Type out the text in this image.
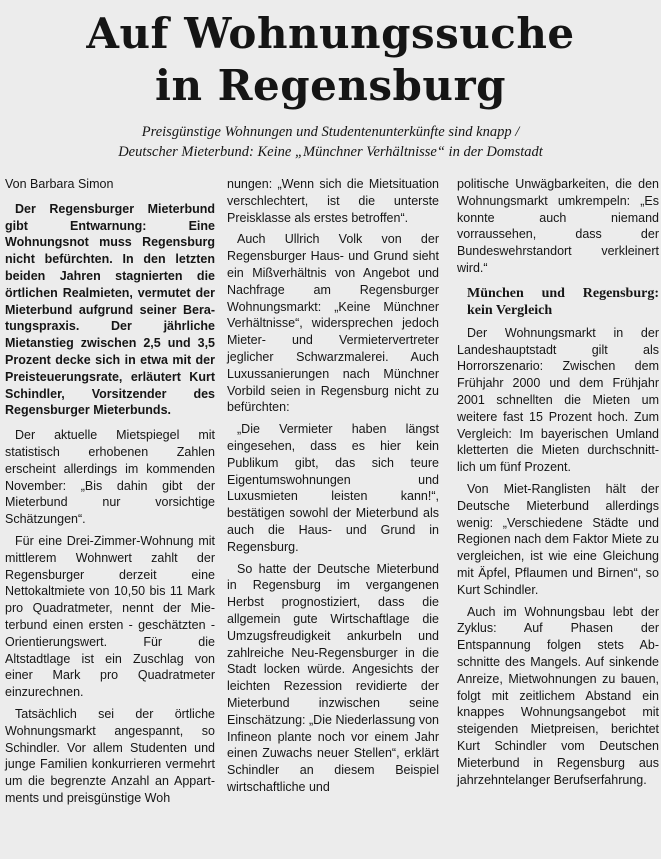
Auf Wohnungssuche
in Regensburg
Preisgünstige Wohnungen und Studentenunterkünfte sind knapp /
Deutscher Mieterbund: Keine „Münchner Verhältnisse“ in der Domstadt

Von Barbara Simon

Der Regensburger Mieterbund gibt Entwarnung: Eine Wohnungsnot muss Regensburg nicht befürchten. In den letzten beiden Jahren stagnierten die örtlichen Realmieten, vermutet der Mieterbund aufgrund seiner Beratungspraxis. Der jährliche Mietanstieg zwischen 2,5 und 3,5 Prozent decke sich in etwa mit der Preisteuerungsrate, erläutert Kurt Schindler, Vorsitzender des Regensburger Mieterbunds.

Der aktuelle Mietspiegel mit statistisch erhobenen Zahlen erscheint allerdings im kommenden November: „Bis dahin gibt der Mieterbund nur vorsichtige Schätzungen“.

Für eine Drei-Zimmer-Wohnung mit mittlerem Wohnwert zahlt der Regensburger derzeit eine Nettokaltmiete von 10,50 bis 11 Mark pro Quadratmeter, nennt der Mieterbund einen ersten - geschätzten - Orientierungswert. Für die Altstadtlage ist ein Zuschlag von einer Mark pro Quadratmeter einzurechnen.

Tatsächlich sei der örtliche Wohnungsmarkt angespannt, so Schindler. Vor allem Studenten und junge Familien konkurrieren vermehrt um die begrenzte Anzahl an Appartments und preisgünstige Woh

nungen: „Wenn sich die Mietsituation verschlechtert, ist die unterste Preisklasse als erstes betroffen“.

Auch Ullrich Volk von der Regensburger Haus- und Grund sieht ein Mißverhältnis von Angebot und Nachfrage am Regensburger Wohnungsmarkt: „Keine Münchner Verhältnisse“, widersprechen jedoch Mieter- und Vermietervertreter jeglicher Schwarzmalerei. Auch Luxussanierungen nach Münchner Vorbild seien in Regensburg nicht zu befürchten:

„Die Vermieter haben längst eingesehen, dass es hier kein Publikum gibt, das sich teure Eigentumswohnungen und Luxusmieten leisten kann!“, bestätigen sowohl der Mieterbund als auch die Haus- und Grund in Regensburg.

So hatte der Deutsche Mieterbund in Regensburg im vergangenen Herbst prognostiziert, dass die allgemein gute Wirtschaftlage die Umzugsfreudigkeit ankurbeln und zahlreiche Neu-Regensburger in die Stadt locken würde. Angesichts der leichten Rezession revidierte der Mieterbund inzwischen seine Einschätzung: „Die Niederlassung von Infineon plante noch vor einem Jahr einen Zuwachs neuer Stellen“, erklärt Schindler an diesem Beispiel wirtschaftliche und

politische Unwägbarkeiten, die den Wohnungsmarkt umkrempeln: „Es konnte auch niemand vorraussehen, dass der Bundeswehrstandort verkleinert wird.“

München und Regensburg: kein Vergleich

Der Wohnungsmarkt in der Landeshauptstadt gilt als Horrorszenario: Zwischen dem Frühjahr 2000 und dem Frühjahr 2001 schnellten die Mieten um weitere fast 15 Prozent hoch. Zum Vergleich: Im bayerischen Umland kletterten die Mieten durchschnittlich um fünf Prozent.

Von Miet-Ranglisten hält der Deutsche Mieterbund allerdings wenig: „Verschiedene Städte und Regionen nach dem Faktor Miete zu vergleichen, ist wie eine Gleichung mit Äpfel, Pflaumen und Birnen“, so Kurt Schindler.

Auch im Wohnungsbau lebt der Zyklus: Auf Phasen der Entspannung folgen stets Abschnitte des Mangels. Auf sinkende Anreize, Mietwohnungen zu bauen, folgt mit zeitlichem Abstand ein knappes Wohnungsangebot mit steigenden Mietpreisen, berichtet Kurt Schindler vom Deutschen Mieterbund in Regensburg aus jahrzehntelanger Berufserfahrung.
